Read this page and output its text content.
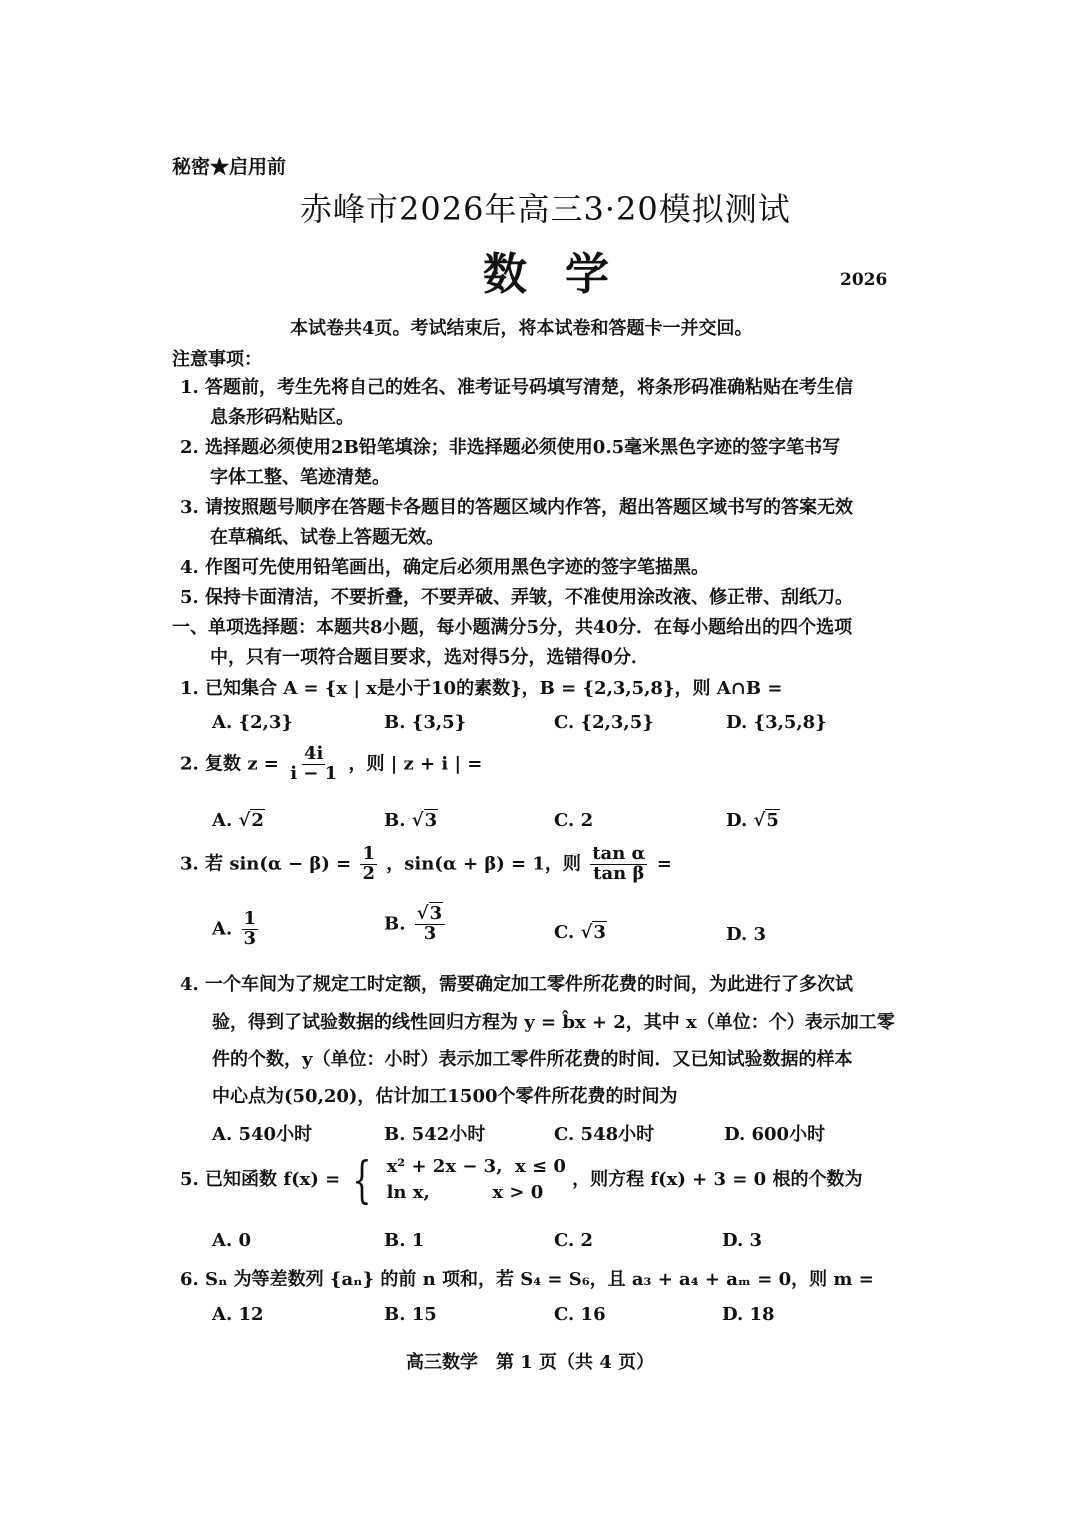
秘密★启用前
赤峰市2026年高三3·20模拟测试
数学	2026
本试卷共4页。考试结束后，将本试卷和答题卡一并交回。
注意事项：
1. 答题前，考生先将自己的姓名、准考证号码填写清楚，将条形码准确粘贴在考生信
息条形码粘贴区。
2. 选择题必须使用2B铅笔填涂；非选择题必须使用0.5毫米黑色字迹的签字笔书写
字体工整、笔迹清楚。
3. 请按照题号顺序在答题卡各题目的答题区域内作答，超出答题区域书写的答案无效
在草稿纸、试卷上答题无效。
4. 作图可先使用铅笔画出，确定后必须用黑色字迹的签字笔描黑。
5. 保持卡面清洁，不要折叠，不要弄破、弄皱，不准使用涂改液、修正带、刮纸刀。
一、单项选择题：本题共8小题，每小题满分5分，共40分．在每小题给出的四个选项
中，只有一项符合题目要求，选对得5分，选错得0分．
1. 已知集合 A = {x | x是小于10的素数}，B = {2,3,5,8}，则 A∩B =
A. {2,3}	B. {3,5}	C. {2,3,5}	D. {3,5,8}
2. 复数 $z = \frac{4i}{i - 1}$ ，则 | z + i | =
A. √2	B. √3	C. 2	D. √5
3. 若 $\sin(\alpha - \beta) = \frac{1}{2}$ ，sin(α + β) = 1，则 $\frac{\text{tan α}}{\text{tan β}}$ =
A. $\frac{1}{3}$	B. $\frac{√3}{3}$	C. √3	D. 3
4. 一个车间为了规定工时定额，需要确定加工零件所花费的时间，为此进行了多次试
验，得到了试验数据的线性回归方程为 y = b̂x + 2，其中 x（单位：个）表示加工零
件的个数，y（单位：小时）表示加工零件所花费的时间．又已知试验数据的样本
中心点为(50,20)，估计加工1500个零件所花费的时间为
A. 540小时	B. 542小时	C. 548小时	D. 600小时
5. 已知函数 f(x) = { x² + 2x − 3,  x ≤ 0
ln x,          x > 0
，则方程 f(x) + 3 = 0 根的个数为
A. 0	B. 1	C. 2	D. 3
6. Sₙ 为等差数列 {aₙ} 的前 n 项和，若 S₄ = S₆，且 a₃ + a₄ + aₘ = 0，则 m =
A. 12	B. 15	C. 16	D. 18
高三数学　第 1 页（共 4 页）
